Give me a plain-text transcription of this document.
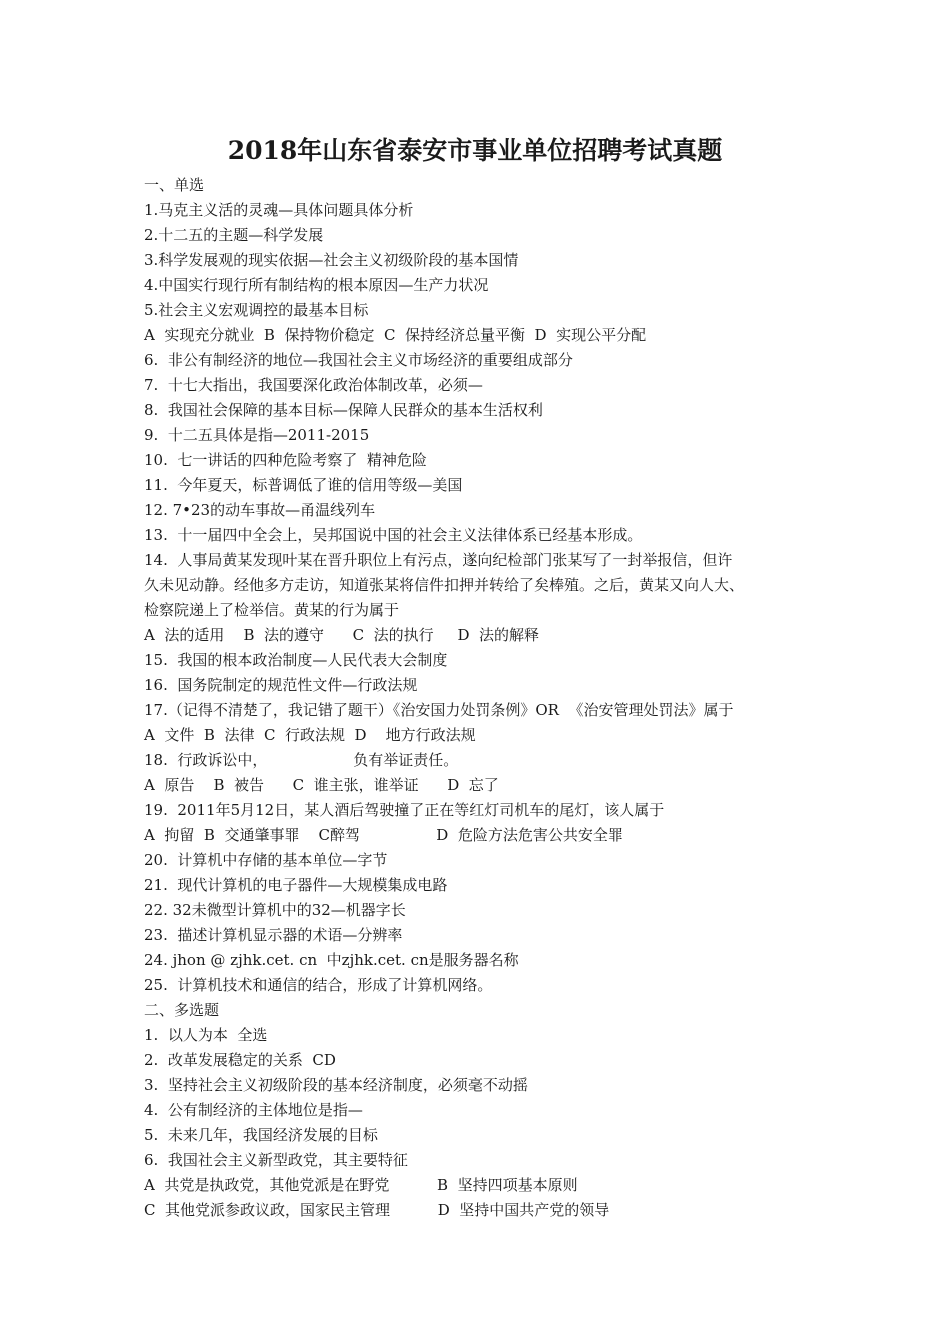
2018年山东省泰安市事业单位招聘考试真题
一、单选
1.马克主义活的灵魂—具体问题具体分析
2.十二五的主题—科学发展
3.科学发展观的现实依据—社会主义初级阶段的基本国情
4.中国实行现行所有制结构的根本原因—生产力状况
5.社会主义宏观调控的最基本目标
A  实现充分就业  B  保持物价稳定  C  保持经济总量平衡  D  实现公平分配
6.  非公有制经济的地位—我国社会主义市场经济的重要组成部分
7.  十七大指出，我国要深化政治体制改革，必须—
8.  我国社会保障的基本目标—保障人民群众的基本生活权利
9.  十二五具体是指—2011-2015
10.  七一讲话的四种危险考察了  精神危险
11.  今年夏天，标普调低了谁的信用等级—美国
12. 7•23的动车事故—甬温线列车
13.  十一届四中全会上，吴邦国说中国的社会主义法律体系已经基本形成。
14.  人事局黄某发现叶某在晋升职位上有污点，遂向纪检部门张某写了一封举报信，但许
久未见动静。经他多方走访，知道张某将信件扣押并转给了矣棒殖。之后，黄某又向人大、
检察院递上了检举信。黄某的行为属于
A  法的适用    B  法的遵守      C  法的执行     D  法的解释
15.  我国的根本政治制度—人民代表大会制度
16.  国务院制定的规范性文件—行政法规
17.（记得不清楚了，我记错了题干）《治安国力处罚条例》OR  《治安管理处罚法》属于
A  文件  B  法律  C  行政法规  D    地方行政法规
18.  行政诉讼中，                  负有举证责任。
A  原告    B  被告      C  谁主张，谁举证      D  忘了
19.  2011年5月12日，某人酒后驾驶撞了正在等红灯司机车的尾灯，该人属于
A  拘留  B  交通肇事罪    C醉驾                D  危险方法危害公共安全罪
20.  计算机中存储的基本单位—字节
21.  现代计算机的电子器件—大规模集成电路
22. 32未微型计算机中的32—机器字长
23.  描述计算机显示器的术语—分辨率
24. jhon @ zjhk.cet. cn  中zjhk.cet. cn是服务器名称
25.  计算机技术和通信的结合，形成了计算机网络。
二、多选题
1.  以人为本  全选
2.  改革发展稳定的关系  CD
3.  坚持社会主义初级阶段的基本经济制度，必须毫不动摇
4.  公有制经济的主体地位是指—
5.  未来几年，我国经济发展的目标
6.  我国社会主义新型政党，其主要特征
A  共党是执政党，其他党派是在野党          B  坚持四项基本原则
C  其他党派参政议政，国家民主管理          D  坚持中国共产党的领导
